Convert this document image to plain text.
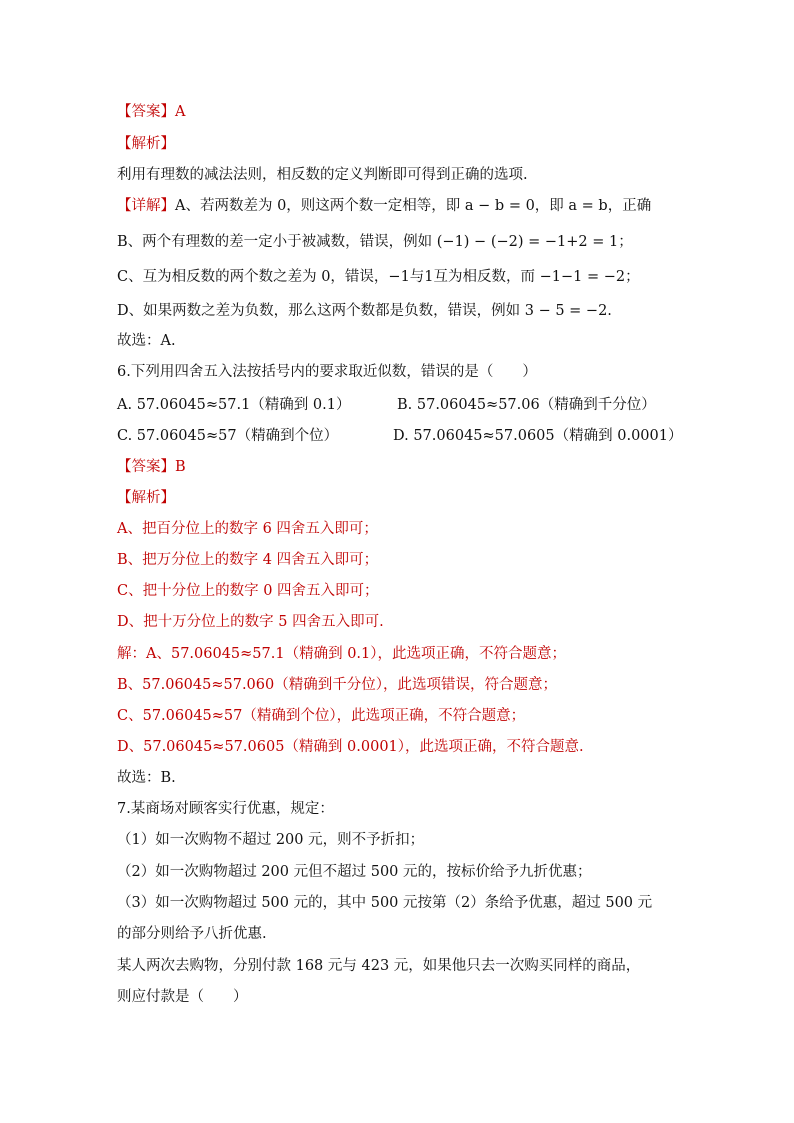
【答案】A
【解析】
利用有理数的减法法则，相反数的定义判断即可得到正确的选项.
【详解】A、若两数差为 0，则这两个数一定相等，即 a − b = 0，即 a = b，正确
B、两个有理数的差一定小于被减数，错误，例如 (−1) − (−2) = −1+2 = 1；
C、互为相反数的两个数之差为 0，错误，−1与1互为相反数，而 −1−1 = −2；
D、如果两数之差为负数，那么这两个数都是负数，错误，例如 3 − 5 = −2.
故选：A.
6.下列用四舍五入法按括号内的要求取近似数，错误的是（　　）
A. 57.06045≈57.1（精确到 0.1）	B. 57.06045≈57.06（精确到千分位）
C. 57.06045≈57（精确到个位）	D. 57.06045≈57.0605（精确到 0.0001）
【答案】B
【解析】
A、把百分位上的数字 6 四舍五入即可；
B、把万分位上的数字 4 四舍五入即可；
C、把十分位上的数字 0 四舍五入即可；
D、把十万分位上的数字 5 四舍五入即可.
解：A、57.06045≈57.1（精确到 0.1），此选项正确，不符合题意；
B、57.06045≈57.060（精确到千分位），此选项错误，符合题意；
C、57.06045≈57（精确到个位），此选项正确，不符合题意；
D、57.06045≈57.0605（精确到 0.0001），此选项正确，不符合题意.
故选：B.
7.某商场对顾客实行优惠，规定：
（1）如一次购物不超过 200 元，则不予折扣；
（2）如一次购物超过 200 元但不超过 500 元的，按标价给予九折优惠；
（3）如一次购物超过 500 元的，其中 500 元按第（2）条给予优惠，超过 500 元
的部分则给予八折优惠.
某人两次去购物，分别付款 168 元与 423 元，如果他只去一次购买同样的商品，
则应付款是（　　）
